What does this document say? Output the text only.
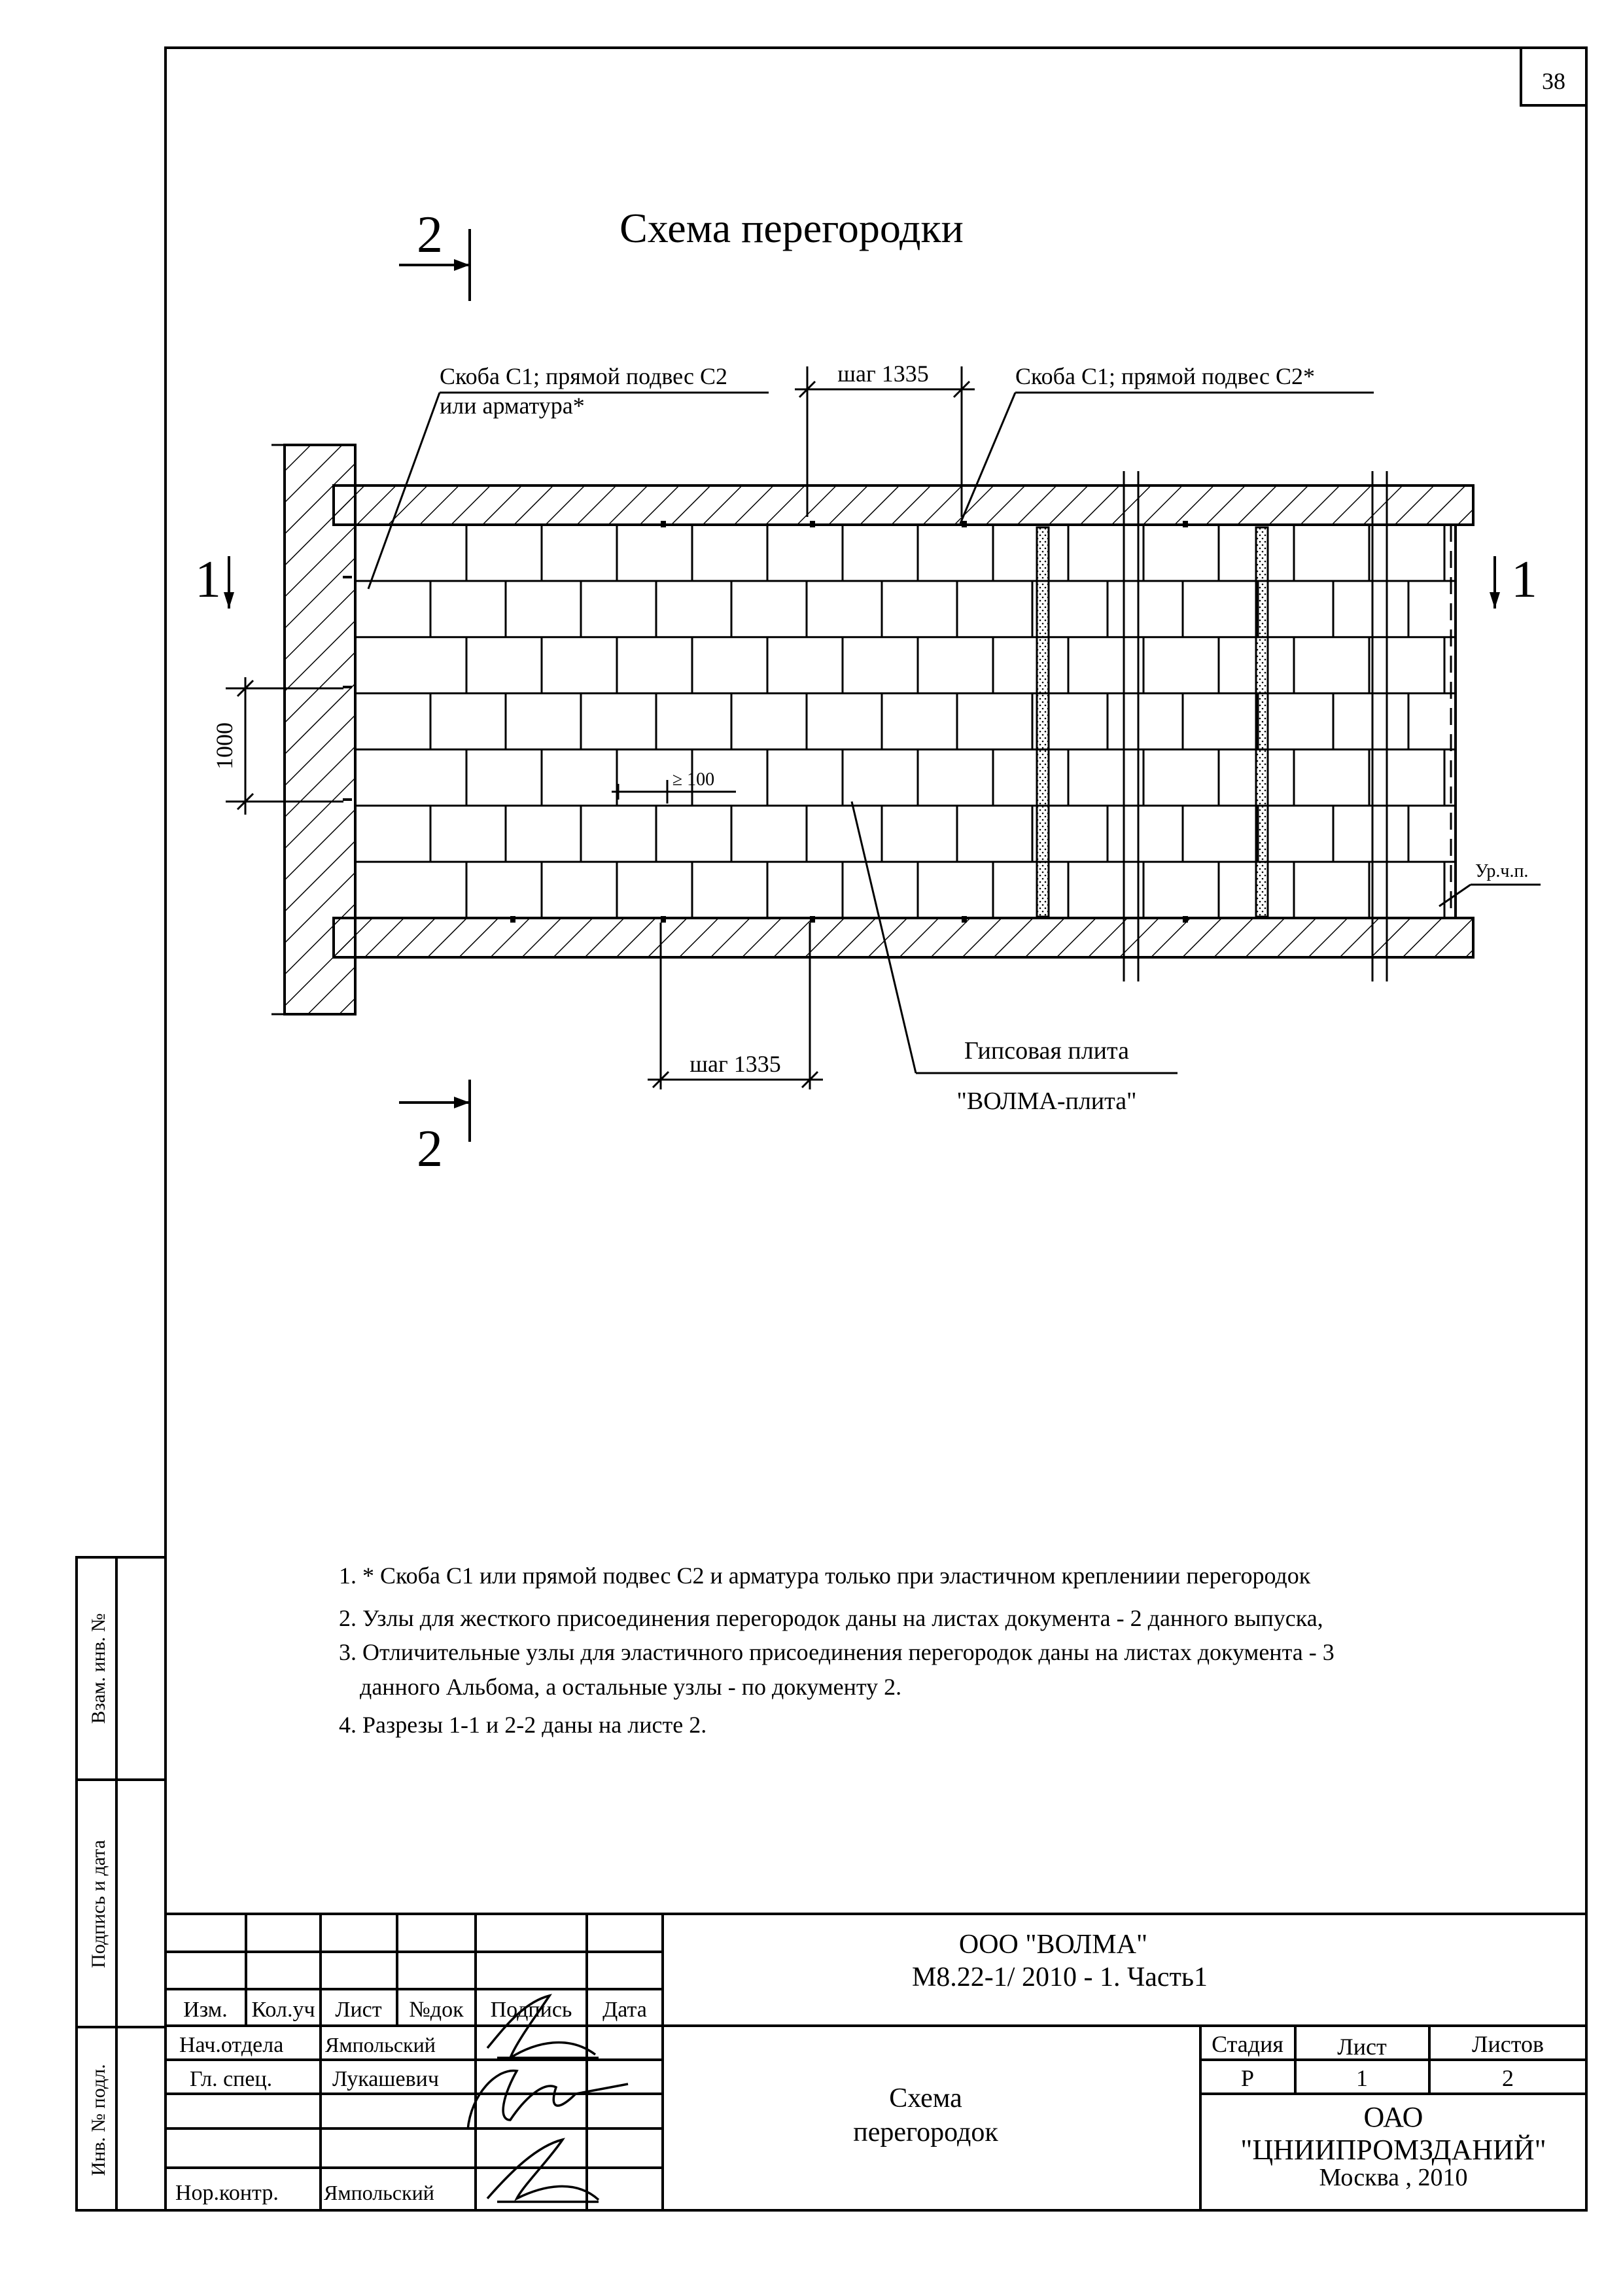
38
Взам. инв. №
Подпись и дата
Инв. № подл.
Схема перегородки
2
2
1	1
Скоба С1; прямой подвес С2
или арматура*
Скоба С1; прямой подвес С2*
шаг 1335
шаг 1335
1000
≥ 100
Ур.ч.п.
Гипсовая плита
"ВОЛМА-плита"
1. * Скоба С1 или прямой подвес С2 и арматура только при эластичном креплениии перегородок
2. Узлы для жесткого присоединения перегородок даны на листах документа - 2 данного выпуска,
3. Отличительные узлы для эластичного присоединения перегородок даны на листах документа - 3
данного Альбома, а остальные узлы - по документу 2.
4. Разрезы 1-1 и 2-2 даны на листе 2.
Изм. Кол.уч Лист №док Подпись Дата
Нач.отдела Ямпольский
Гл. спец.	Лукашевич
Нор.контр. Ямпольский
ООО "ВОЛМА"
М8.22-1/ 2010 - 1. Часть1
Схема
перегородок
Стадия Лист	Листов
Р	1	2
ОАО
"ЦНИИПРОМЗДАНИЙ"
Москва , 2010
